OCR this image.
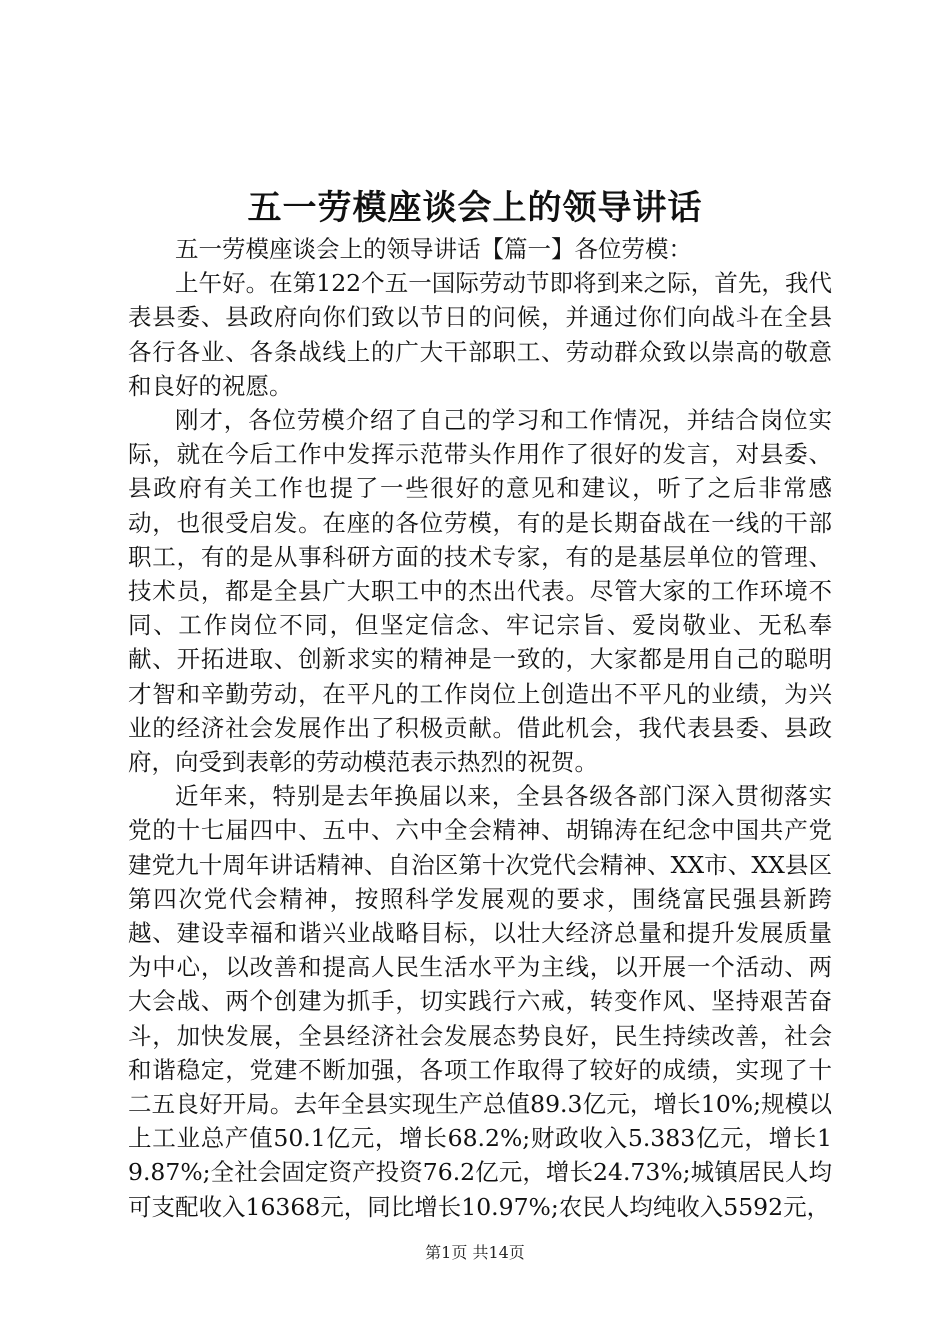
五一劳模座谈会上的领导讲话

五一劳模座谈会上的领导讲话【篇一】各位劳模：

上午好。在第122个五一国际劳动节即将到来之际，首先，我代表县委、县政府向你们致以节日的问候，并通过你们向战斗在全县各行各业、各条战线上的广大干部职工、劳动群众致以崇高的敬意和良好的祝愿。

刚才，各位劳模介绍了自己的学习和工作情况，并结合岗位实际，就在今后工作中发挥示范带头作用作了很好的发言，对县委、县政府有关工作也提了一些很好的意见和建议，听了之后非常感动，也很受启发。在座的各位劳模，有的是长期奋战在一线的干部职工，有的是从事科研方面的技术专家，有的是基层单位的管理、技术员，都是全县广大职工中的杰出代表。尽管大家的工作环境不同、工作岗位不同，但坚定信念、牢记宗旨、爱岗敬业、无私奉献、开拓进取、创新求实的精神是一致的，大家都是用自己的聪明才智和辛勤劳动，在平凡的工作岗位上创造出不平凡的业绩，为兴业的经济社会发展作出了积极贡献。借此机会，我代表县委、县政府，向受到表彰的劳动模范表示热烈的祝贺。

近年来，特别是去年换届以来，全县各级各部门深入贯彻落实党的十七届四中、五中、六中全会精神、胡锦涛在纪念中国共产党建党九十周年讲话精神、自治区第十次党代会精神、XX市、XX县区第四次党代会精神，按照科学发展观的要求，围绕富民强县新跨越、建设幸福和谐兴业战略目标，以壮大经济总量和提升发展质量为中心，以改善和提高人民生活水平为主线，以开展一个活动、两大会战、两个创建为抓手，切实践行六戒，转变作风、坚持艰苦奋斗，加快发展，全县经济社会发展态势良好，民生持续改善，社会和谐稳定，党建不断加强，各项工作取得了较好的成绩，实现了十二五良好开局。去年全县实现生产总值89.3亿元，增长10%;规模以上工业总产值50.1亿元，增长68.2%;财政收入5.383亿元，增长19.87%;全社会固定资产投资76.2亿元，增长24.73%;城镇居民人均可支配收入16368元，同比增长10.97%;农民人均纯收入5592元，

第1页 共14页
